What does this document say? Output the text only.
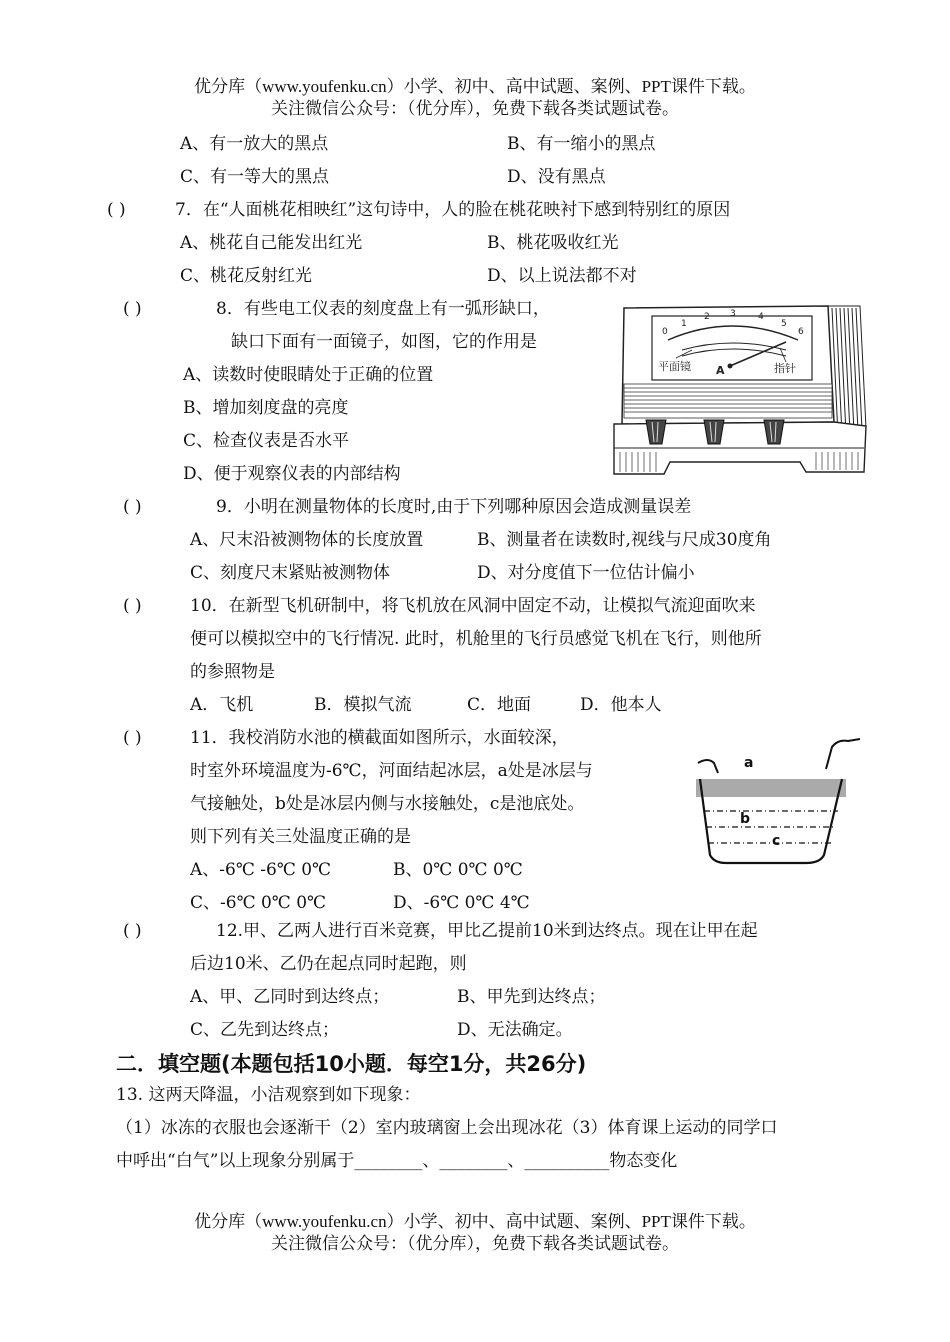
优分库（www.youfenku.cn）小学、初中、高中试题、案例、PPT课件下载。
关注微信公众号：（优分库），免费下载各类试题试卷。
A、有一放大的黑点	B、有一缩小的黑点
C、有一等大的黑点	D、没有黑点
( )	7．在“人面桃花相映红”这句诗中，人的脸在桃花映衬下感到特别红的原因
A、桃花自己能发出红光	B、桃花吸收红光
C、桃花反射红光	D、以上说法都不对
( )	8．有些电工仪表的刻度盘上有一弧形缺口，
缺口下面有一面镜子，如图，它的作用是
A、读数时使眼睛处于正确的位置
B、增加刻度盘的亮度
C、检查仪表是否水平
D、便于观察仪表的内部结构
0
1
2 3 4
5
6
平面镜 A	指针
( )	9．小明在测量物体的长度时,由于下列哪种原因会造成测量误差
A、尺末沿被测物体的长度放置	B、测量者在读数时,视线与尺成30度角
C、刻度尺末紧贴被测物体	D、对分度值下一位估计偏小
( )	10．在新型飞机研制中，将飞机放在风洞中固定不动，让模拟气流迎面吹来
便可以模拟空中的飞行情况. 此时，机舱里的飞行员感觉飞机在飞行，则他所
的参照物是
A．飞机	B．模拟气流	C．地面	D．他本人
( )	11．我校消防水池的横截面如图所示，水面较深，
时室外环境温度为-6℃，河面结起冰层，a处是冰层与
气接触处，b处是冰层内侧与水接触处，c是池底处。
则下列有关三处温度正确的是
A、-6℃ -6℃ 0℃	B、0℃ 0℃ 0℃
C、-6℃ 0℃ 0℃	D、-6℃ 0℃ 4℃
a
b
c
( )	12.甲、乙两人进行百米竞赛，甲比乙提前10米到达终点。现在让甲在起
后边10米、乙仍在起点同时起跑，则
A、甲、乙同时到达终点；	B、甲先到达终点；
C、乙先到达终点；	D、无法确定。
二．填空题(本题包括10小题．每空1分，共26分)
13. 这两天降温，小洁观察到如下现象：
（1）冰冻的衣服也会逐渐干（2）室内玻璃窗上会出现冰花（3）体育课上运动的同学口
中呼出“白气”以上现象分别属于________、________、__________物态变化
优分库（www.youfenku.cn）小学、初中、高中试题、案例、PPT课件下载。
关注微信公众号：（优分库），免费下载各类试题试卷。
